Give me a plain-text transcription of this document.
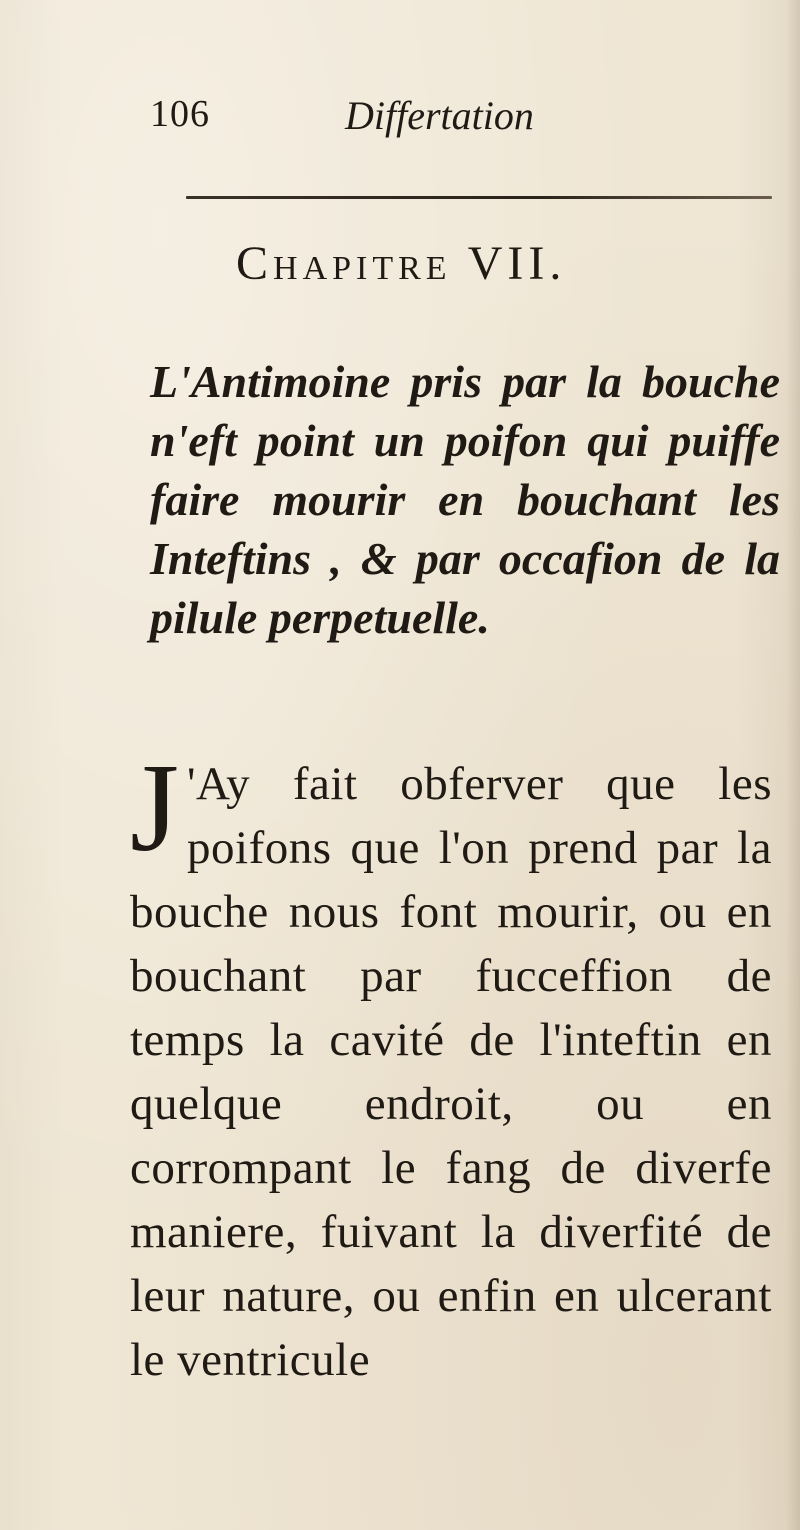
106	Differtation
Chapitre VII.

L'Antimoine pris par la bouche n'eft point un poifon qui puiffe faire mourir en bouchant les Inteftins , & par occafion de la pilule perpetuelle.

J 'Ay fait obferver que les poifons que l'on prend par la bouche nous font mourir, ou en bouchant par fucceffion de temps la cavité de l'inteftin en quelque endroit, ou en corrompant le fang de diverfe maniere, fuivant la diverfité de leur nature, ou enfin en ulcerant le ventricule
